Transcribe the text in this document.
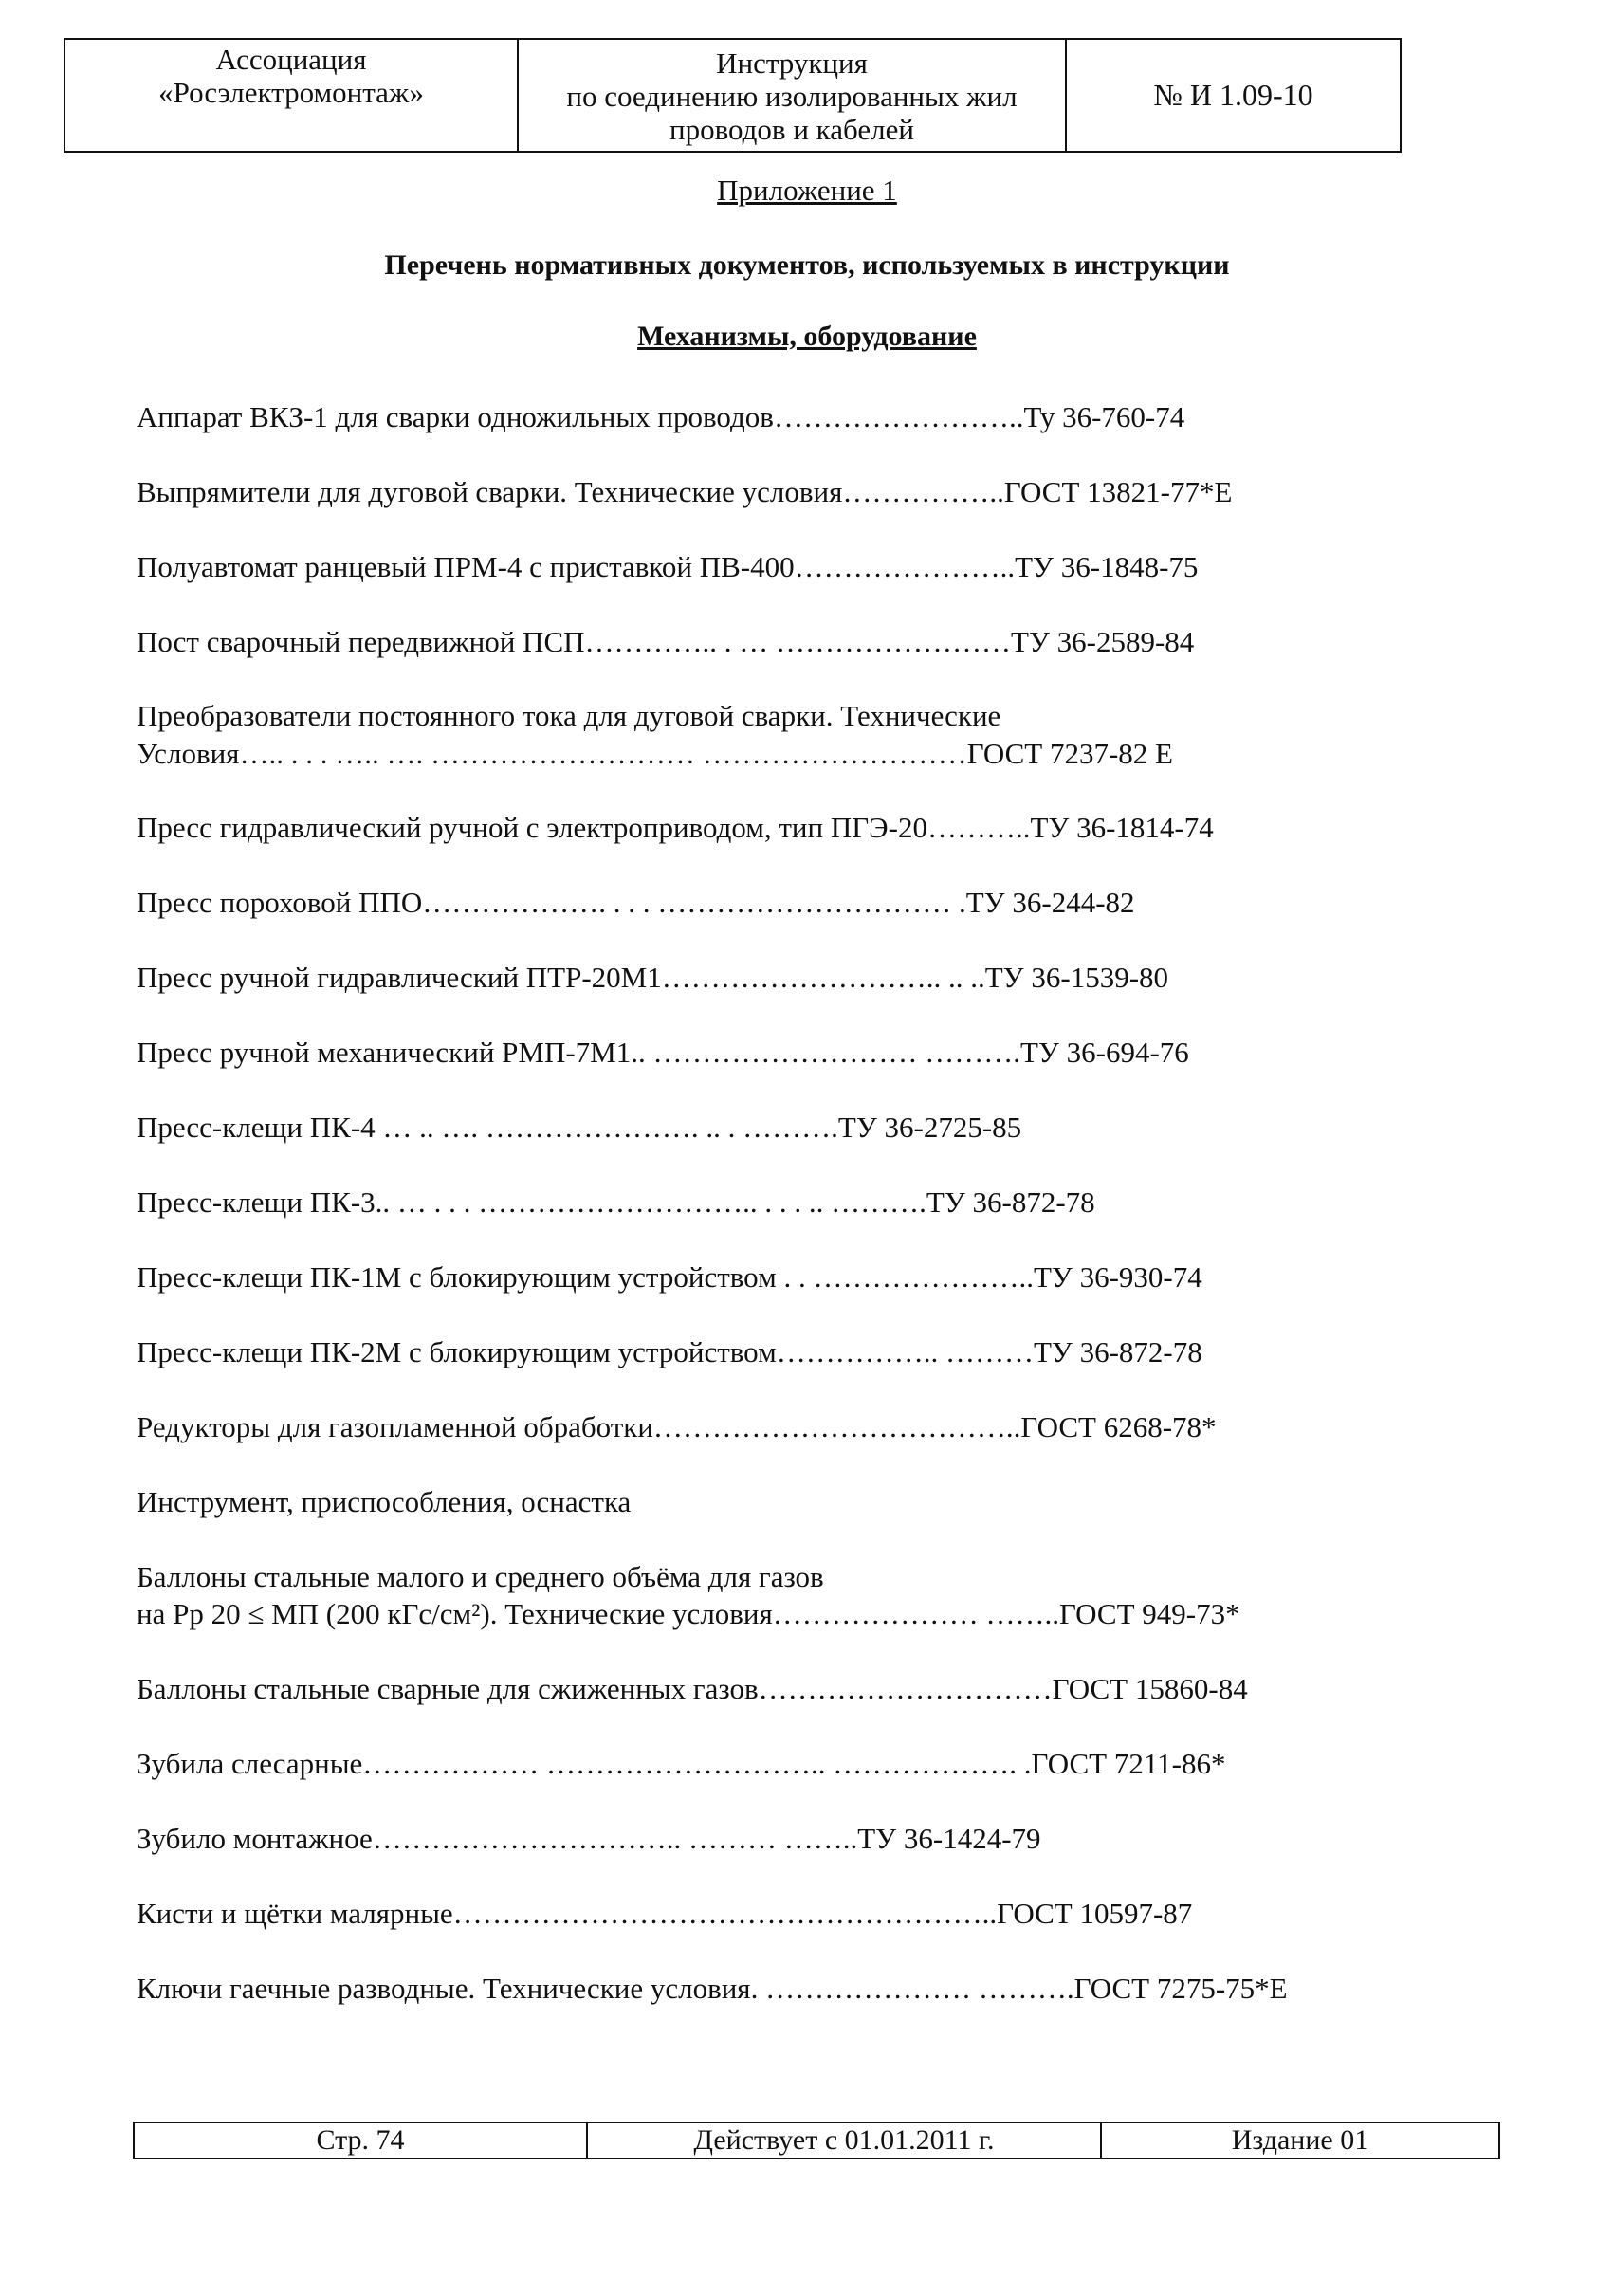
Ассоциация
«Росэлектромонтаж»
Инструкция
по соединению изолированных жил
проводов и кабелей
№ И 1.09-10
Приложение 1
Перечень нормативных документов, используемых в инструкции
Механизмы, оборудование
Аппарат ВКЗ-1 для сварки одножильных проводов……………………..Ту 36-760-74
Выпрямители для дуговой сварки. Технические условия……………..ГОСТ 13821-77*Е
Полуавтомат ранцевый ПРМ-4 с приставкой ПВ-400…………………..ТУ 36-1848-75
Пост сварочный передвижной ПСП………….. . … ……………………ТУ 36-2589-84
Преобразователи постоянного тока для дуговой сварки. Технические
Условия….. . . . ….. …. ……………………… ………………………ГОСТ 7237-82 Е
Пресс гидравлический ручной с электроприводом, тип ПГЭ-20………..ТУ 36-1814-74
Пресс пороховой ППО………………. . . . ………………………… .ТУ 36-244-82
Пресс ручной гидравлический ПТР-20М1……………………….. .. ..ТУ 36-1539-80
Пресс ручной механический РМП-7М1.. ……………………… ……….ТУ 36-694-76
Пресс-клещи ПК-4 … .. …. …………………. .. . ……….ТУ 36-2725-85
Пресс-клещи ПК-3.. … . . . ……………………….. . . . .. ……….ТУ 36-872-78
Пресс-клещи ПК-1М с блокирующим устройством . . …………………..ТУ 36-930-74
Пресс-клещи ПК-2М с блокирующим устройством…………….. ………ТУ 36-872-78
Редукторы для газопламенной обработки………………………………..ГОСТ 6268-78*
Инструмент, приспособления, оснастка
Баллоны стальные малого и среднего объёма для газов
на Рр 20 ≤ МП (200 кГс/см²). Технические условия………………… ……..ГОСТ 949-73*
Баллоны стальные сварные для сжиженных газов…………………………ГОСТ 15860-84
Зубила слесарные……………… ……………………….. ………………. .ГОСТ 7211-86*
Зубило монтажное………………………….. ……… ……..ТУ 36-1424-79
Кисти и щётки малярные………………………………………………..ГОСТ 10597-87
Ключи гаечные разводные. Технические условия. ………………… ……….ГОСТ 7275-75*Е
Стр. 74	Действует с 01.01.2011 г.	Издание 01
